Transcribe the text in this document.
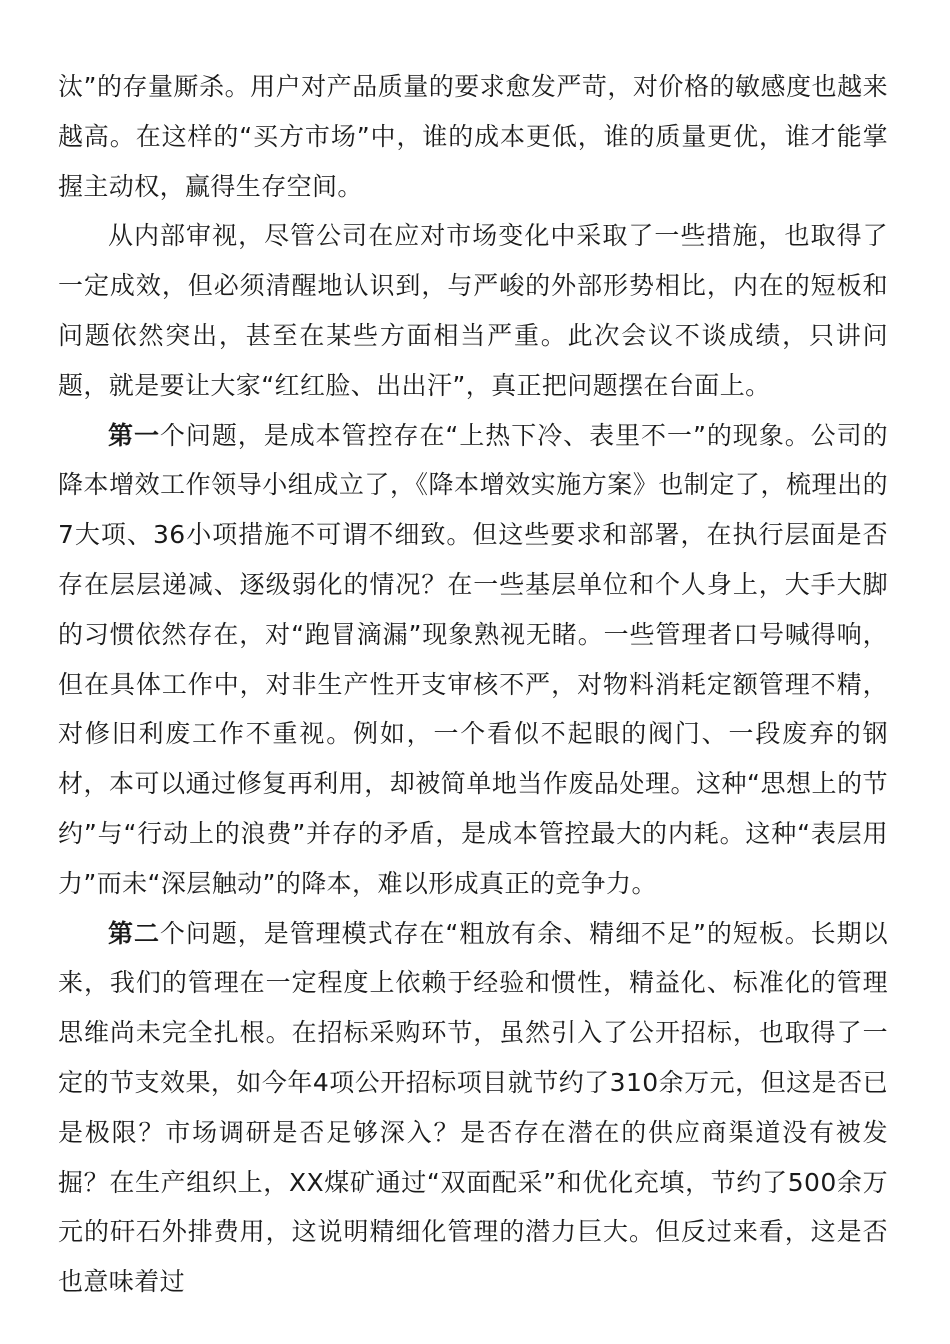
汰”的存量厮杀。用户对产品质量的要求愈发严苛，对价格的敏感度也越来越高。在这样的“买方市场”中，谁的成本更低，谁的质量更优，谁才能掌握主动权，赢得生存空间。

从内部审视，尽管公司在应对市场变化中采取了一些措施，也取得了一定成效，但必须清醒地认识到，与严峻的外部形势相比，内在的短板和问题依然突出，甚至在某些方面相当严重。此次会议不谈成绩，只讲问题，就是要让大家“红红脸、出出汗”，真正把问题摆在台面上。

第一个问题，是成本管控存在“上热下冷、表里不一”的现象。公司的降本增效工作领导小组成立了，《降本增效实施方案》也制定了，梳理出的7大项、36小项措施不可谓不细致。但这些要求和部署，在执行层面是否存在层层递减、逐级弱化的情况？在一些基层单位和个人身上，大手大脚的习惯依然存在，对“跑冒滴漏”现象熟视无睹。一些管理者口号喊得响，但在具体工作中，对非生产性开支审核不严，对物料消耗定额管理不精，对修旧利废工作不重视。例如，一个看似不起眼的阀门、一段废弃的钢材，本可以通过修复再利用，却被简单地当作废品处理。这种“思想上的节约”与“行动上的浪费”并存的矛盾，是成本管控最大的内耗。这种“表层用力”而未“深层触动”的降本，难以形成真正的竞争力。

第二个问题，是管理模式存在“粗放有余、精细不足”的短板。长期以来，我们的管理在一定程度上依赖于经验和惯性，精益化、标准化的管理思维尚未完全扎根。在招标采购环节，虽然引入了公开招标，也取得了一定的节支效果，如今年4项公开招标项目就节约了310余万元，但这是否已是极限？市场调研是否足够深入？是否存在潜在的供应商渠道没有被发掘？在生产组织上，XX煤矿通过“双面配采”和优化充填，节约了500余万元的矸石外排费用，这说明精细化管理的潜力巨大。但反过来看，这是否也意味着过
